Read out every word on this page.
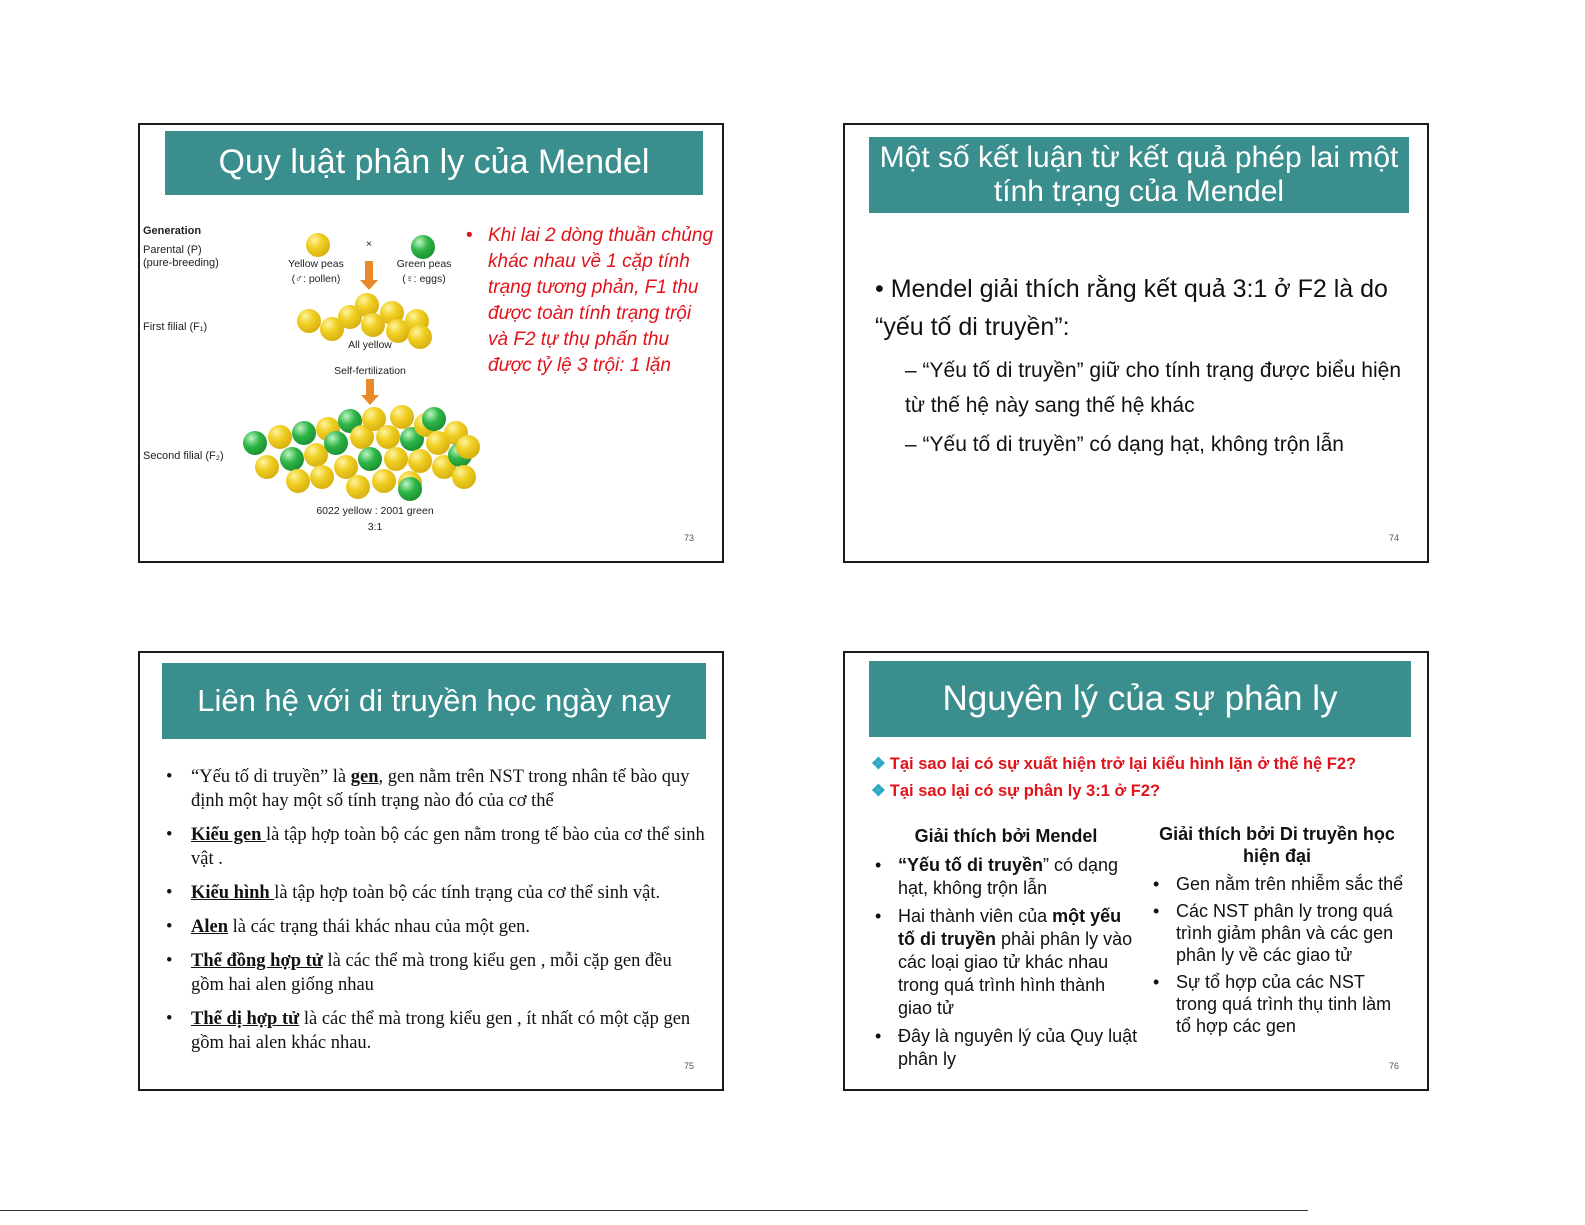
Quy luật phân ly của Mendel
Generation
Parental (P)
(pure-breeding)
First filial (F₁)
Second filial (F₂)
×
Yellow peas
(♂: pollen)
Green peas
(♀: eggs)
All yellow
Self-fertilization
6022 yellow : 2001 green
3:1
• Khi lai 2 dòng thuần chủng khác nhau về 1 cặp tính trạng tương phản, F1 thu được toàn tính trạng trội và F2 tự thụ phấn thu được tỷ lệ 3 trội: 1 lặn
73
Một số kết luận từ kết quả phép lai một tính trạng của Mendel
• Mendel giải thích rằng kết quả 3:1 ở F2 là do “yếu tố di truyền”:
– “Yếu tố di truyền” giữ cho tính trạng được biểu hiện từ thế hệ này sang thế hệ khác
– “Yếu tố di truyền” có dạng hạt, không trộn lẫn
74
Liên hệ với di truyền học ngày nay
• “Yếu tố di truyền” là gen, gen nằm trên NST trong nhân tế bào quy định một hay một số tính trạng nào đó của cơ thể
• Kiểu gen là tập hợp toàn bộ các gen nằm trong tế bào của cơ thể sinh vật .
• Kiểu hình là tập hợp toàn bộ các tính trạng của cơ thể sinh vật.
• Alen là các trạng thái khác nhau của một gen.
• Thể đồng hợp tử là các thể mà trong kiểu gen , mỗi cặp gen đều gồm hai alen giống nhau
• Thể dị hợp tử là các thể mà trong kiểu gen , ít nhất có một cặp gen gồm hai alen khác nhau.
75
Nguyên lý của sự phân ly
❖ Tại sao lại có sự xuất hiện trở lại kiểu hình lặn ở thế hệ F2?
❖ Tại sao lại có sự phân ly 3:1 ở F2?
Giải thích bởi Mendel
• “Yếu tố di truyền” có dạng hạt, không trộn lẫn
• Hai thành viên của một yếu tố di truyền phải phân ly vào các loại giao tử khác nhau trong quá trình hình thành giao tử
• Đây là nguyên lý của Quy luật phân ly
Giải thích bởi Di truyền học hiện đại
• Gen nằm trên nhiễm sắc thể
• Các NST phân ly trong quá trình giảm phân và các gen phân ly về các giao tử
• Sự tổ hợp của các NST trong quá trình thụ tinh làm tổ hợp các gen
76
